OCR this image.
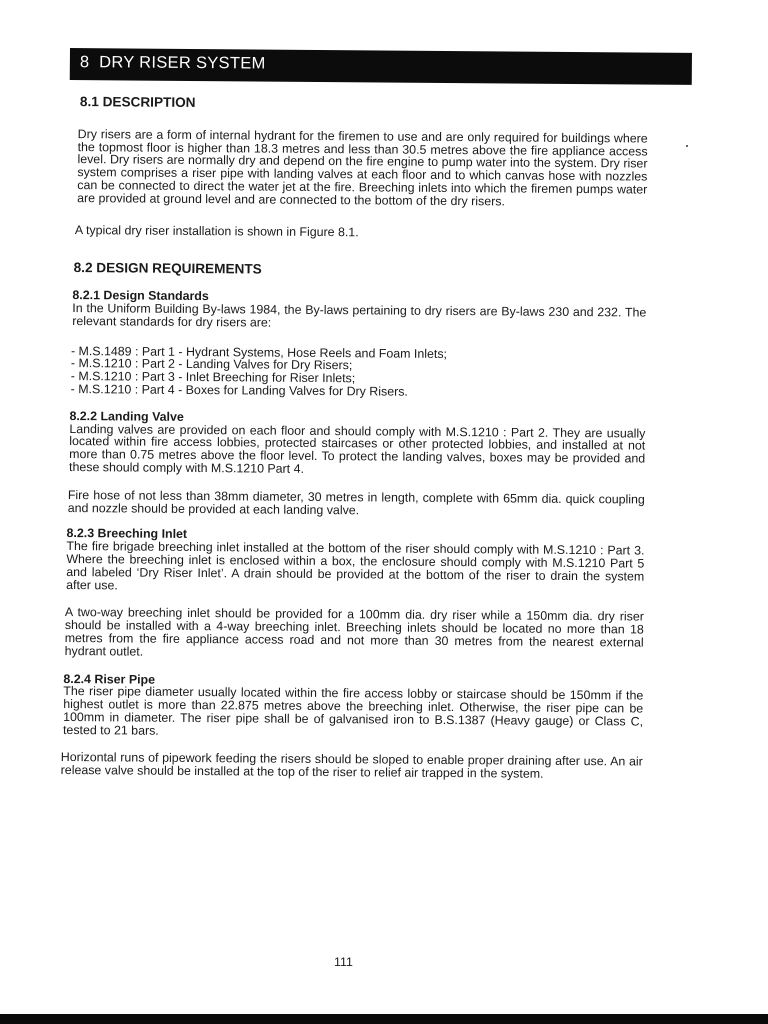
8 DRY RISER SYSTEM
8.1 DESCRIPTION

Dry risers are a form of internal hydrant for the firemen to use and are only required for buildings where the topmost floor is higher than 18.3 metres and less than 30.5 metres above the fire appliance access level. Dry risers are normally dry and depend on the fire engine to pump water into the system. Dry riser system comprises a riser pipe with landing valves at each floor and to which canvas hose with nozzles can be connected to direct the water jet at the fire. Breeching inlets into which the firemen pumps water are provided at ground level and are connected to the bottom of the dry risers.

A typical dry riser installation is shown in Figure 8.1.

8.2 DESIGN REQUIREMENTS
8.2.1 Design Standards

In the Uniform Building By-laws 1984, the By-laws pertaining to dry risers are By-laws 230 and 232. The relevant standards for dry risers are:

- M.S.1489 : Part 1 - Hydrant Systems, Hose Reels and Foam Inlets;
- M.S.1210 : Part 2 - Landing Valves for Dry Risers;
- M.S.1210 : Part 3 - Inlet Breeching for Riser Inlets;
- M.S.1210 : Part 4 - Boxes for Landing Valves for Dry Risers.
8.2.2 Landing Valve

Landing valves are provided on each floor and should comply with M.S.1210 : Part 2. They are usually located within fire access lobbies, protected staircases or other protected lobbies, and installed at not more than 0.75 metres above the floor level. To protect the landing valves, boxes may be provided and these should comply with M.S.1210 Part 4.

Fire hose of not less than 38mm diameter, 30 metres in length, complete with 65mm dia. quick coupling and nozzle should be provided at each landing valve.

8.2.3 Breeching Inlet

The fire brigade breeching inlet installed at the bottom of the riser should comply with M.S.1210 : Part 3. Where the breeching inlet is enclosed within a box, the enclosure should comply with M.S.1210 Part 5 and labeled ‘Dry Riser Inlet’. A drain should be provided at the bottom of the riser to drain the system after use.

A two-way breeching inlet should be provided for a 100mm dia. dry riser while a 150mm dia. dry riser should be installed with a 4-way breeching inlet. Breeching inlets should be located no more than 18 metres from the fire appliance access road and not more than 30 metres from the nearest external hydrant outlet.

8.2.4 Riser Pipe

The riser pipe diameter usually located within the fire access lobby or staircase should be 150mm if the highest outlet is more than 22.875 metres above the breeching inlet. Otherwise, the riser pipe can be 100mm in diameter. The riser pipe shall be of galvanised iron to B.S.1387 (Heavy gauge) or Class C, tested to 21 bars.

Horizontal runs of pipework feeding the risers should be sloped to enable proper draining after use. An air release valve should be installed at the top of the riser to relief air trapped in the system.

111
